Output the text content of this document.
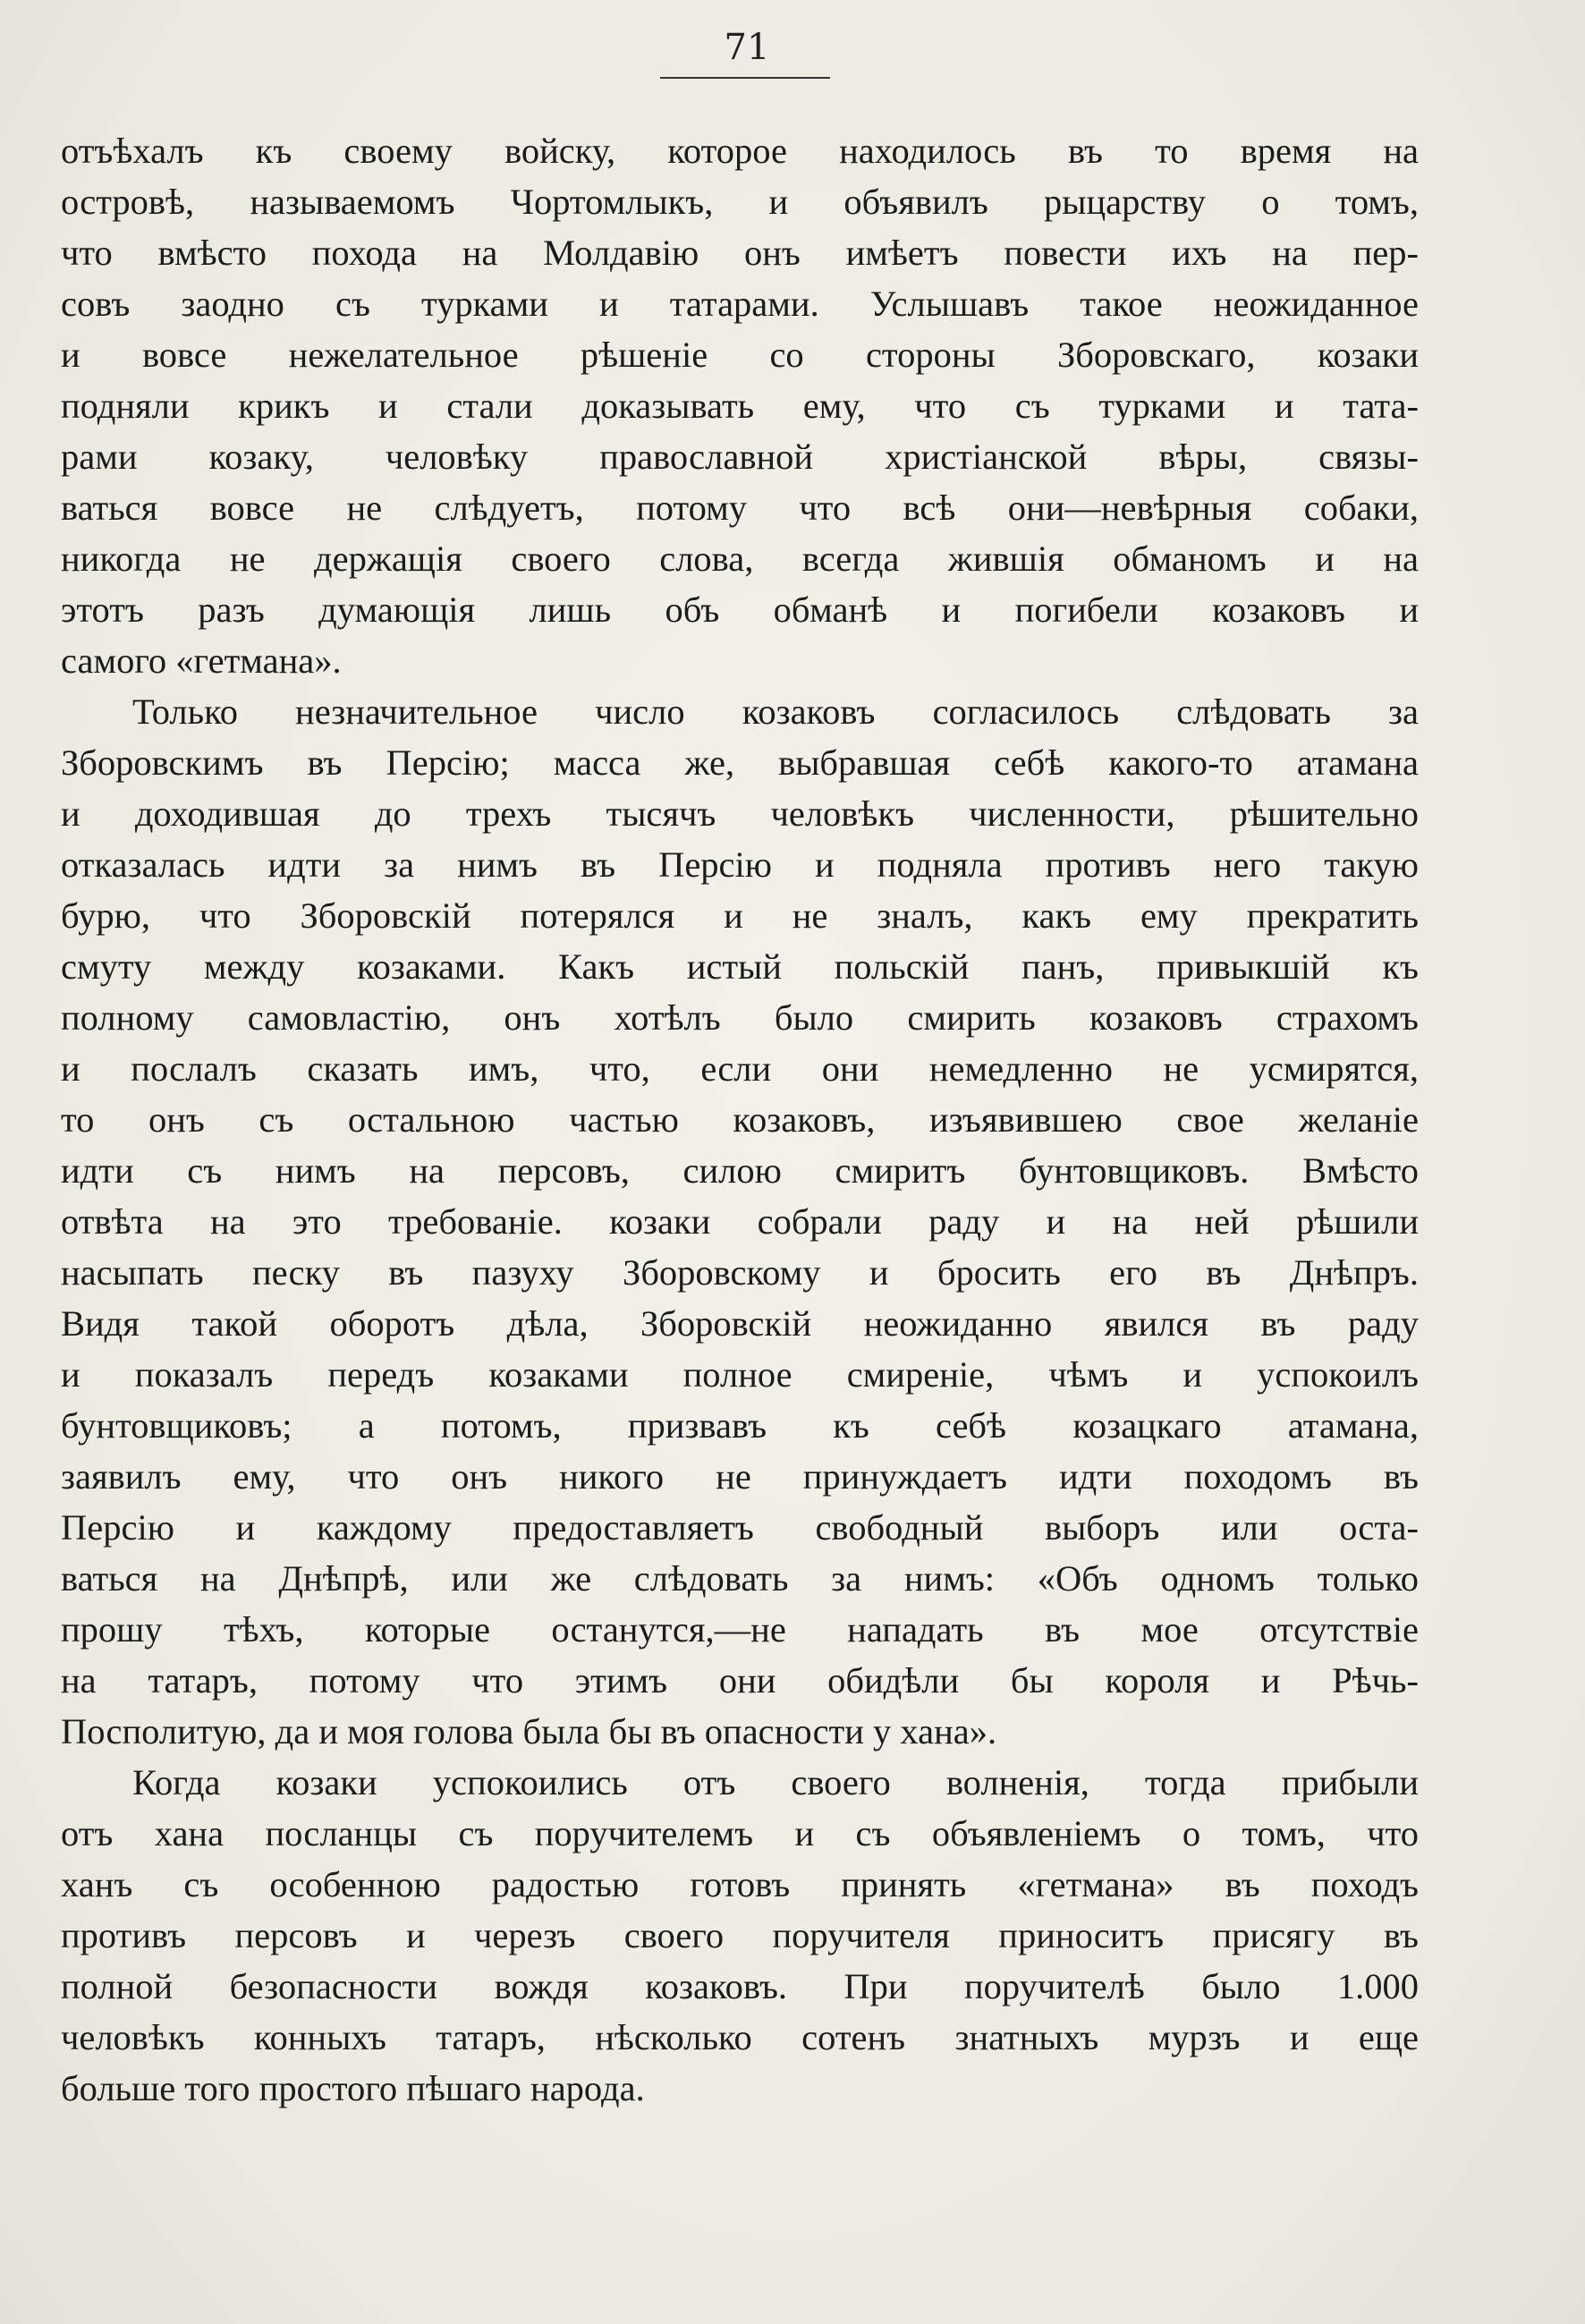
71
отъѣхалъ къ своему войску, которое находилось въ то время на
островѣ, называемомъ Чортомлыкъ, и объявилъ рыцарству о томъ,
что вмѣсто похода на Молдавію онъ имѣетъ повести ихъ на пер-
совъ заодно съ турками и татарами. Услышавъ такое неожиданное
и вовсе нежелательное рѣшеніе со стороны Зборовскаго, козаки
подняли крикъ и стали доказывать ему, что съ турками и тата-
рами козаку, человѣку православной христіанской вѣры, связы-
ваться вовсе не слѣдуетъ, потому что всѣ они—невѣрныя собаки,
никогда не держащія своего слова, всегда жившія обманомъ и на
этотъ разъ думающія лишь объ обманѣ и погибели козаковъ и
самого «гетмана».
Только незначительное число козаковъ согласилось слѣдовать за
Зборовскимъ въ Персію; масса же, выбравшая себѣ какого-то атамана
и доходившая до трехъ тысячъ человѣкъ численности, рѣшительно
отказалась идти за нимъ въ Персію и подняла противъ него такую
бурю, что Зборовскій потерялся и не зналъ, какъ ему прекратить
смуту между козаками. Какъ истый польскій панъ, привыкшій къ
полному самовластію, онъ хотѣлъ было смирить козаковъ страхомъ
и послалъ сказать имъ, что, если они немедленно не усмирятся,
то онъ съ остальною частью козаковъ, изъявившею свое желаніе
идти съ нимъ на персовъ, силою смиритъ бунтовщиковъ. Вмѣсто
отвѣта на это требованіе. козаки собрали раду и на ней рѣшили
насыпать песку въ пазуху Зборовскому и бросить его въ Днѣпръ.
Видя такой оборотъ дѣла, Зборовскій неожиданно явился въ раду
и показалъ передъ козаками полное смиреніе, чѣмъ и успокоилъ
бунтовщиковъ; а потомъ, призвавъ къ себѣ козацкаго атамана,
заявилъ ему, что онъ никого не принуждаетъ идти походомъ въ
Персію и каждому предоставляетъ свободный выборъ или оста-
ваться на Днѣпрѣ, или же слѣдовать за нимъ: «Объ одномъ только
прошу тѣхъ, которые останутся,—не нападать въ мое отсутствіе
на татаръ, потому что этимъ они обидѣли бы короля и Рѣчь-
Посполитую, да и моя голова была бы въ опасности у хана».
Когда козаки успокоились отъ своего волненія, тогда прибыли
отъ хана посланцы съ поручителемъ и съ объявленіемъ о томъ, что
ханъ съ особенною радостью готовъ принять «гетмана» въ походъ
противъ персовъ и черезъ своего поручителя приноситъ присягу въ
полной безопасности вождя козаковъ. При поручителѣ было 1.000
человѣкъ конныхъ татаръ, нѣсколько сотенъ знатныхъ мурзъ и еще
больше того простого пѣшаго народа.
